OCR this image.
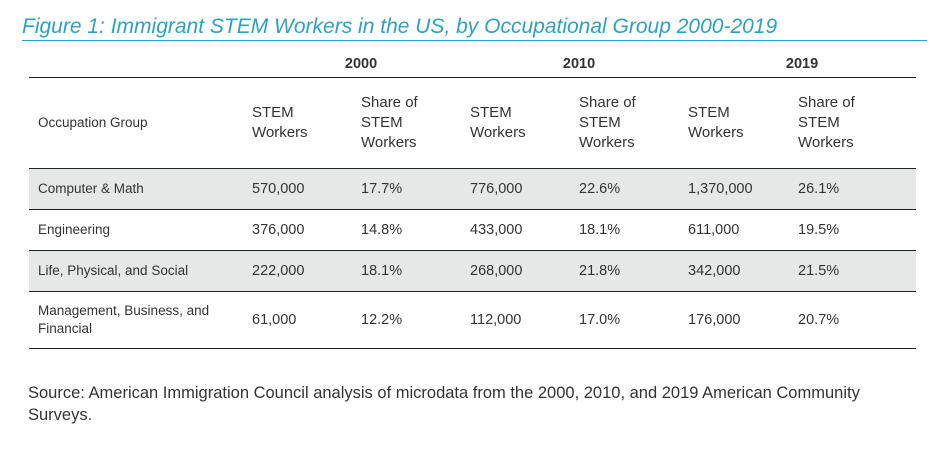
Figure 1: Immigrant STEM Workers in the US, by Occupational Group 2000-2019
	2000		2010		2019	
Occupation Group	STEM Workers	Share of STEM Workers	STEM Workers	Share of STEM Workers	STEM Workers	Share of STEM Workers

Computer & Math	570,000	17.7%	776,000	22.6%	1,370,000	26.1%
Engineering	376,000	14.8%	433,000	18.1%	611,000	19.5%
Life, Physical, and Social	222,000	18.1%	268,000	21.8%	342,000	21.5%

Management, Business, and Financial	61,000	12.2%	112,000	17.0%	176,000	20.7%
Source: American Immigration Council analysis of microdata from the 2000, 2010, and 2019 American Community Surveys.
